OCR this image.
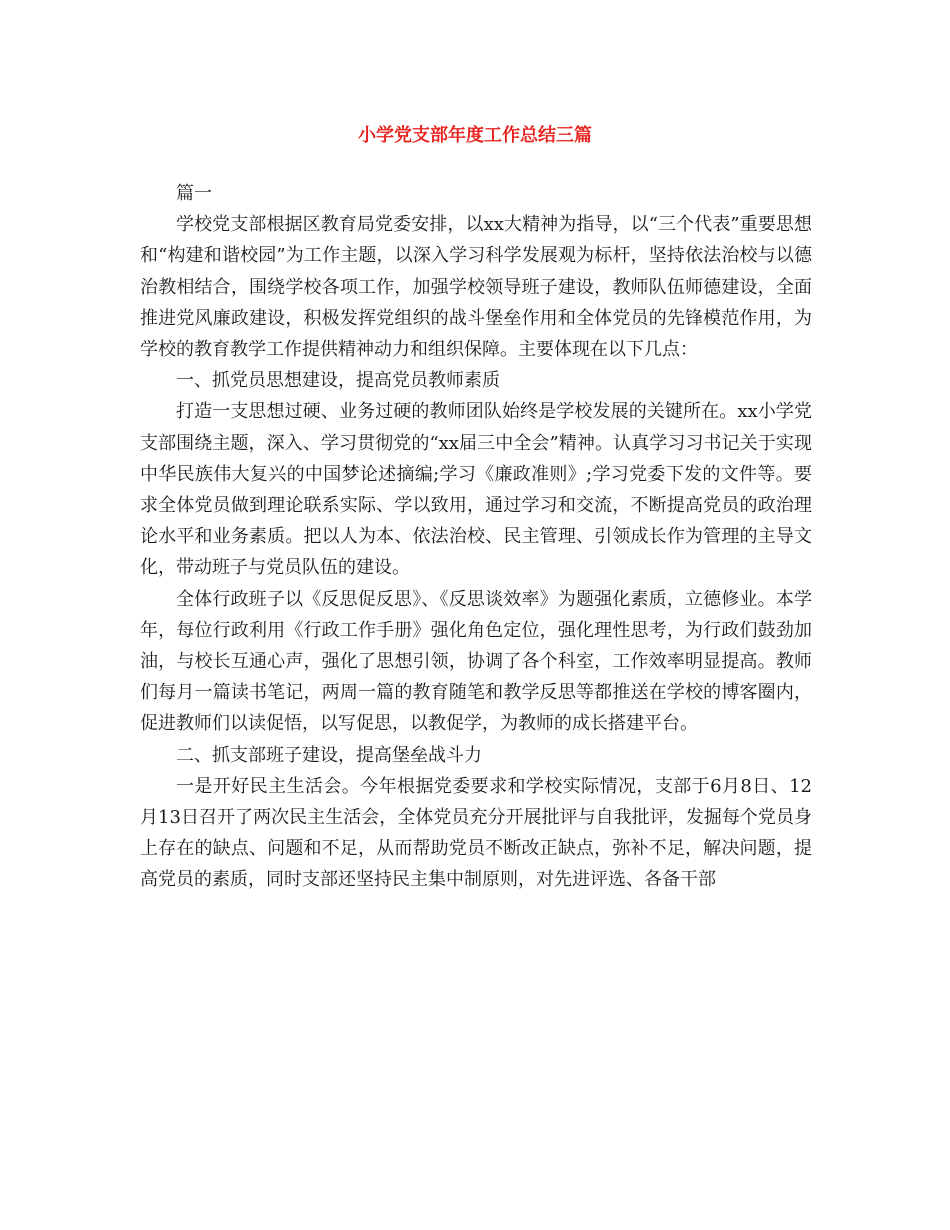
小学党支部年度工作总结三篇

篇一

学校党支部根据区教育局党委安排，以xx大精神为指导，以“三个代表”重要思想和“构建和谐校园”为工作主题，以深入学习科学发展观为标杆，坚持依法治校与以德治教相结合，围绕学校各项工作，加强学校领导班子建设，教师队伍师德建设，全面推进党风廉政建设，积极发挥党组织的战斗堡垒作用和全体党员的先锋模范作用，为学校的教育教学工作提供精神动力和组织保障。主要体现在以下几点：

一、抓党员思想建设，提高党员教师素质

打造一支思想过硬、业务过硬的教师团队始终是学校发展的关键所在。xx小学党支部围绕主题，深入、学习贯彻党的“xx届三中全会”精神。认真学习习书记关于实现中华民族伟大复兴的中国梦论述摘编;学习《廉政准则》;学习党委下发的文件等。要求全体党员做到理论联系实际、学以致用，通过学习和交流，不断提高党员的政治理论水平和业务素质。把以人为本、依法治校、民主管理、引领成长作为管理的主导文化，带动班子与党员队伍的建设。

全体行政班子以《反思促反思》、《反思谈效率》为题强化素质，立德修业。本学年，每位行政利用《行政工作手册》强化角色定位，强化理性思考，为行政们鼓劲加油，与校长互通心声，强化了思想引领，协调了各个科室，工作效率明显提高。教师们每月一篇读书笔记，两周一篇的教育随笔和教学反思等都推送在学校的博客圈内，促进教师们以读促悟，以写促思，以教促学，为教师的成长搭建平台。

二、抓支部班子建设，提高堡垒战斗力

一是开好民主生活会。今年根据党委要求和学校实际情况，支部于6月8日、12月13日召开了两次民主生活会，全体党员充分开展批评与自我批评，发掘每个党员身上存在的缺点、问题和不足，从而帮助党员不断改正缺点，弥补不足，解决问题，提高党员的素质，同时支部还坚持民主集中制原则，对先进评选、各备干部
